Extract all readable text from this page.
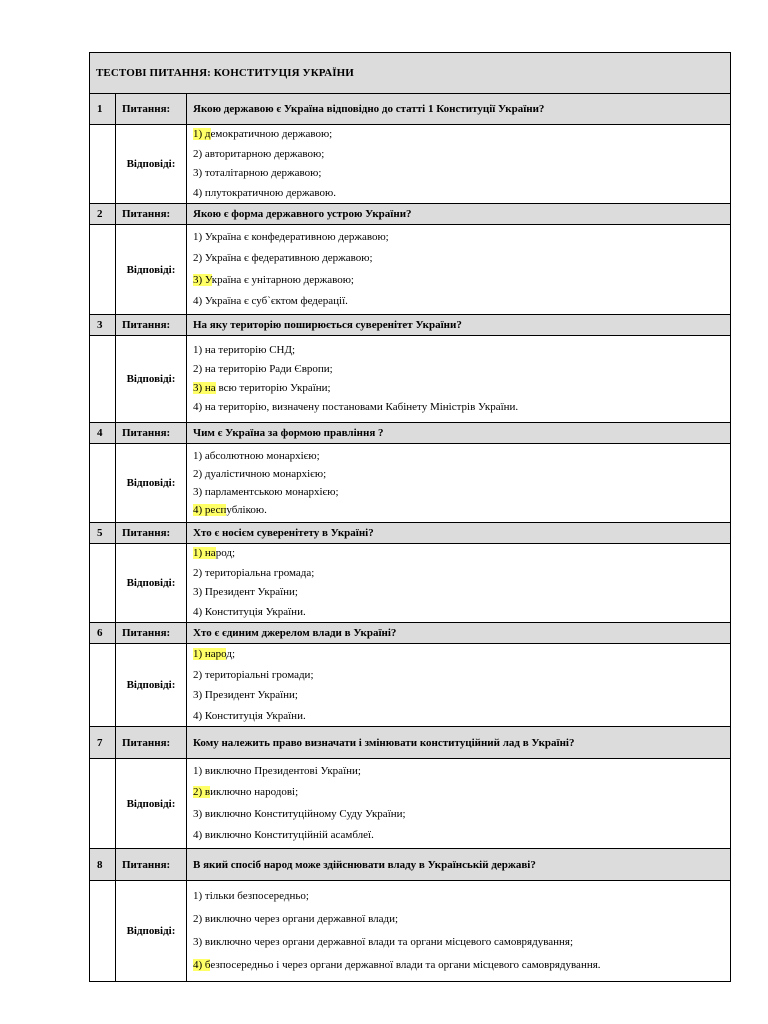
ТЕСТОВІ ПИТАННЯ: КОНСТИТУЦІЯ УКРАЇНИ		
1	Питання:	Якою державою є Україна відповідно до статті 1 Конституції України?
	Відповіді:	1) демократичною державою;
2) авторитарною державою;
3) тоталітарною державою;
4) плутократичною державою.

2	Питання:	Якою є форма державного устрою України?
	Відповіді:	1) Україна є конфедеративною державою;
2) Україна є федеративною державою;
3) Україна є унітарною державою;
4) Україна є суб`єктом федерації.

3	Питання:	На яку територію поширюється суверенітет України?
	Відповіді:	1) на територію СНД;
2) на територію Ради Європи;
3) на всю територію України;
4) на територію, визначену постановами Кабінету Міністрів України.

4	Питання:	Чим є Україна за формою правління ?
	Відповіді:	1) абсолютною монархією;
2) дуалістичною монархією;
3) парламентською монархією;
4) республікою.

5	Питання:	Хто є носієм суверенітету в Україні?
	Відповіді:	1) народ;
2) територіальна громада;
3) Президент України;
4) Конституція України.

6	Питання:	Хто є єдиним джерелом влади в Україні?
	Відповіді:	1) народ;
2) територіальні громади;
3) Президент України;
4) Конституція України.

7	Питання:	Кому належить право визначати і змінювати конституційний лад в Україні?
	Відповіді:	1) виключно Президентові України;
2) виключно народові;
3) виключно Конституційному Суду України;
4) виключно Конституційній асамблеї.

8	Питання:	В який спосіб народ може здійснювати владу в Українській державі?
	Відповіді:	1) тільки безпосередньо;
2) виключно через органи державної влади;
3) виключно через органи державної влади та органи місцевого самоврядування;
4) безпосередньо і через органи державної влади та органи місцевого самоврядування.
